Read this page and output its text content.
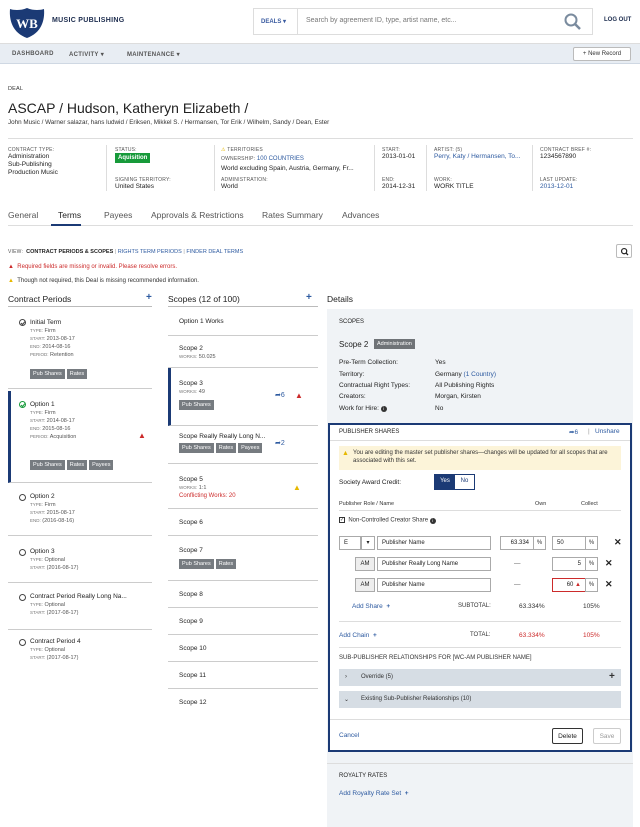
WB MUSIC PUBLISHING	DEALS ▾	Search by agreement ID, type, artist name, etc...	LOG OUT
DASHBOARD	ACTIVITY ▾	MAINTENANCE ▾	+ New Record
DEAL
ASCAP / Hudson, Katheryn Elizabeth /
John Music / Warner salazar, hans ludwid / Eriksen, Mikkel S. / Hermansen, Tor Erik / Wilhelm, Sandy / Dean, Ester
CONTRACT TYPE:
Administration
Sub-Publishing
Production Music
STATUS:
Aquisition
SIGNING TERRITORY:
United States
⚠ TERRITORIES
OWNERSHIP: 100 COUNTRIES
World excluding Spain, Austria, Germany, Fr...
ADMINISTRATION:
World
START:
2013-01-01
END:
2014-12-31
ARTIST: (5)
Perry, Katy / Hermansen, To...
WORK:
WORK TITLE
CONTRACT BREF #:
1234567890
LAST UPDATE:
2013-12-01
General Terms	Payees Approvals & Restrictions Rates Summary Advances
VIEW: CONTRACT PERIODS & SCOPES | RIGHTS TERM PERIODS | FINDER DEAL TERMS
▲ Required fields are missing or invalid. Please resolve errors.
▲ Though not required, this Deal is missing recommended information.
Contract Periods	+
Initial Term
TYPE: Firm
START: 2013-08-17
END: 2014-08-16
PERIOD: Retention
Pub Shares Rates
Option 1
TYPE: Firm
START: 2014-08-17
END: 2015-08-16
PERIOD: Acquisition	▲
Pub Shares Rates Payees
Option 2
TYPE: Firm
START: 2015-08-17
END: (2016-08-16)
Option 3
TYPE: Optional
START: (2016-08-17)
Contract Period Really Long Na...
TYPE: Optional
START: (2017-08-17)
Contract Period 4
TYPE: Optional
START: (2017-08-17)
Scopes (12 of 100)	+
Option 1 Works
Scope 2
WORKS: 50.025
Scope 3
WORKS: 49
Pub Shares
➦6 ▲
Scope Really Really Long N...
Pub Shares Rates Payees
➦2
Scope 5
WORKS: 1:1
Conflicting Works: 20
▲
Scope 6
Scope 7
Pub Shares Rates
Scope 8
Scope 9
Scope 10
Scope 11
Scope 12
Details
SCOPES
Scope 2	Administration
Pre-Term Collection:	Yes
Territory:	Germany (1 Country)
Contractual Right Types:	All Publishing Rights
Creators:	Morgan, Kirsten
Work for Hire: i	No
PUBLISHER SHARES	➦6 | Unshare
▲ You are editing the master set publisher shares—changes will be updated for all scopes that are associated with this set.
Society Award Credit:	Yes	No
Publisher Role / Name	Own	Collect
✓ Non-Controlled Creator Share i
E	▾	Publisher Name	63.334	%	50	%	✕
AM	Publisher Really Long Name	—	5	%	✕
AM	Publisher Name	—	60 ▲	%	✕
Add Share +	SUBTOTAL:	63.334%	105%
Add Chain +	TOTAL:	63.334%	105%
SUB-PUBLISHER RELATIONSHIPS FOR [WC-AM PUBLISHER NAME]
› Override (5)	+
⌄ Existing Sub-Publisher Relationships (10)
Cancel	Delete	Save
ROYALTY RATES
Add Royalty Rate Set +
